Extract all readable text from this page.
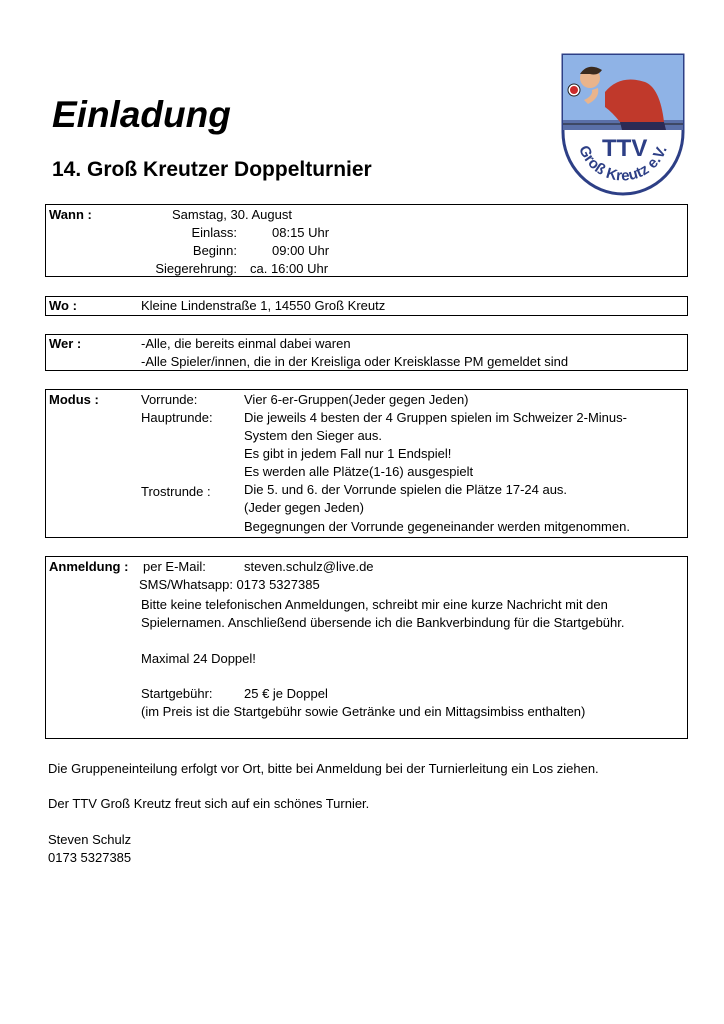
Einladung
14. Groß Kreutzer Doppelturnier
TTV
Groß Kreutz e.V.
Wann :	Samstag, 30. August
Einlass:	08:15 Uhr
Beginn:	09:00 Uhr
Siegerehrung: ca. 16:00 Uhr
Wo :	Kleine Lindenstraße 1, 14550 Groß Kreutz
Wer :	-Alle, die bereits einmal dabei waren
-Alle Spieler/innen, die in der Kreisliga oder Kreisklasse PM gemeldet sind
Modus :	Vorrunde:	Vier 6-er-Gruppen(Jeder gegen Jeden)
Hauptrunde: Die jeweils 4 besten der 4 Gruppen spielen im Schweizer 2-Minus-
System den Sieger aus.
Es gibt in jedem Fall nur 1 Endspiel!
Es werden alle Plätze(1-16) ausgespielt
Trostrunde :	Die 5. und 6. der Vorrunde spielen die Plätze 17-24 aus.
(Jeder gegen Jeden)
Begegnungen der Vorrunde gegeneinander werden mitgenommen.
Anmeldung : per E-Mail:	steven.schulz@live.de
SMS/Whatsapp: 0173 5327385
Bitte keine telefonischen Anmeldungen, schreibt mir eine kurze Nachricht mit den
Spielernamen. Anschließend übersende ich die Bankverbindung für die Startgebühr.
Maximal 24 Doppel!
Startgebühr: 25 € je Doppel
(im Preis ist die Startgebühr sowie Getränke und ein Mittagsimbiss enthalten)
Die Gruppeneinteilung erfolgt vor Ort, bitte bei Anmeldung bei der Turnierleitung ein Los ziehen.
Der TTV Groß Kreutz freut sich auf ein schönes Turnier.
Steven Schulz
0173 5327385
